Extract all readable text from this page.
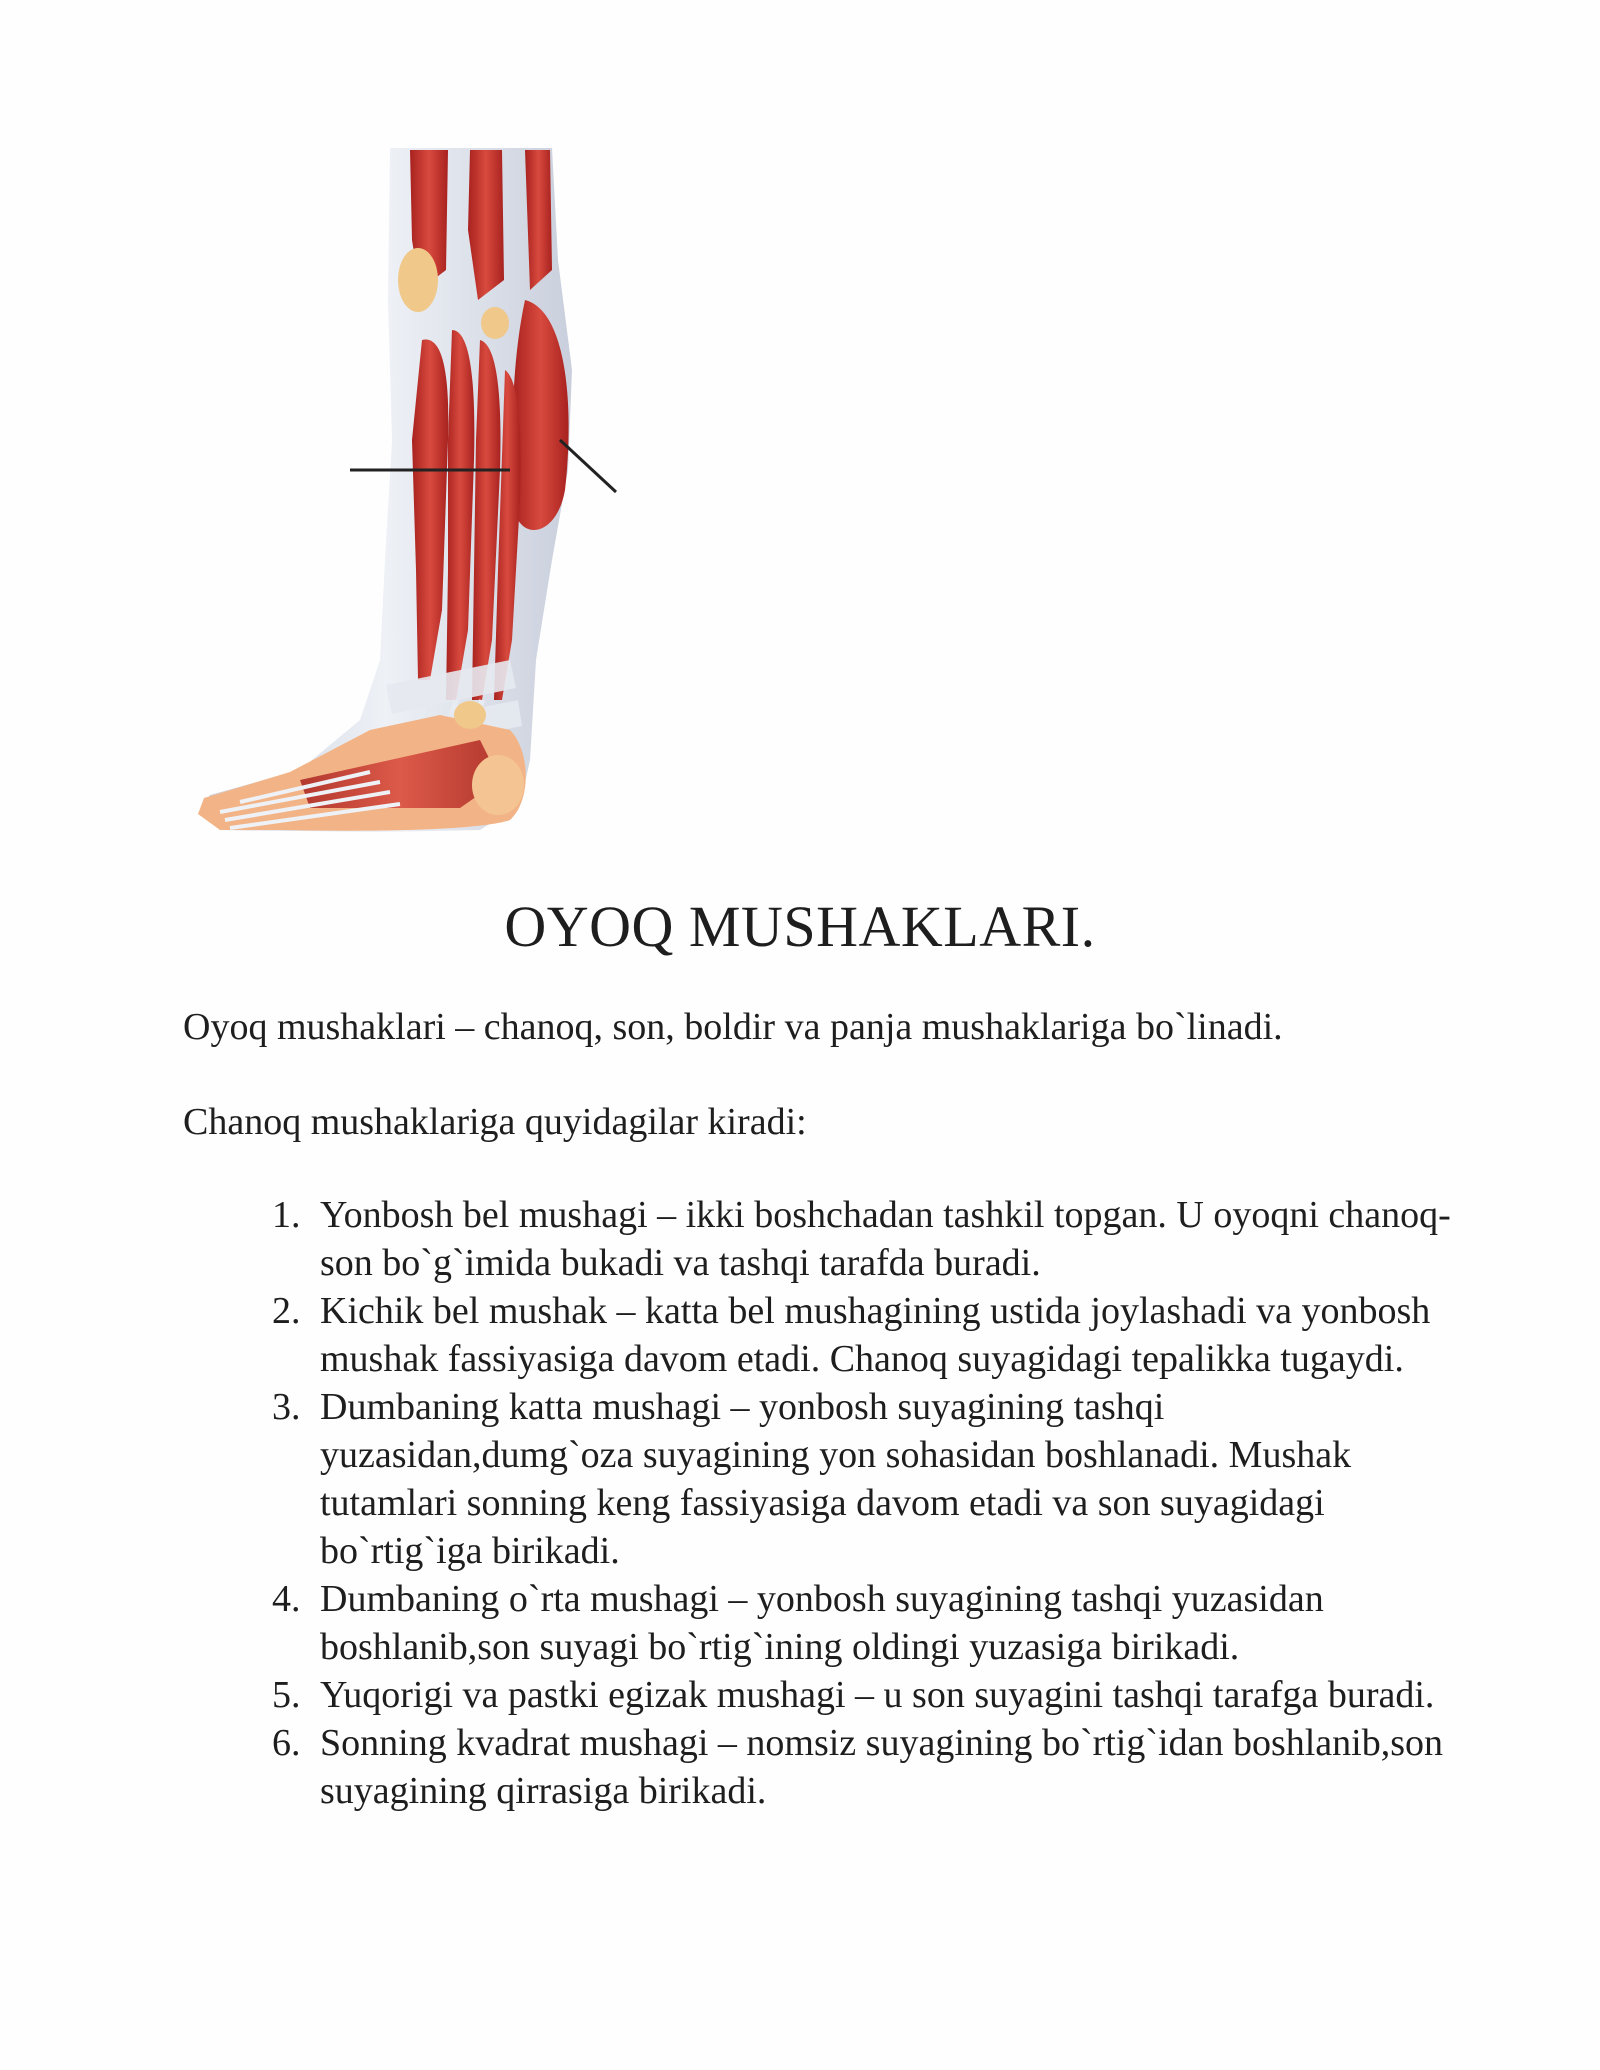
OYOQ MUSHAKLARI.

Oyoq mushaklari – chanoq, son, boldir va panja mushaklariga bo`linadi.

Chanoq mushaklariga quyidagilar kiradi:

1. Yonbosh bel mushagi – ikki boshchadan tashkil topgan. U oyoqni chanoq-son bo`g`imida bukadi va tashqi tarafda buradi.
2. Kichik bel mushak – katta bel mushagining ustida joylashadi va yonbosh mushak fassiyasiga davom etadi. Chanoq suyagidagi tepalikka tugaydi.
3. Dumbaning katta mushagi – yonbosh suyagining tashqi yuzasidan,dumg`oza suyagining yon sohasidan boshlanadi. Mushak tutamlari sonning keng fassiyasiga davom etadi va son suyagidagi bo`rtig`iga birikadi.
4. Dumbaning o`rta mushagi – yonbosh suyagining tashqi yuzasidan boshlanib,son suyagi bo`rtig`ining oldingi yuzasiga birikadi.
5. Yuqorigi va pastki egizak mushagi – u son suyagini tashqi tarafga buradi.
6. Sonning kvadrat mushagi – nomsiz suyagining bo`rtig`idan boshlanib,son suyagining qirrasiga birikadi.
